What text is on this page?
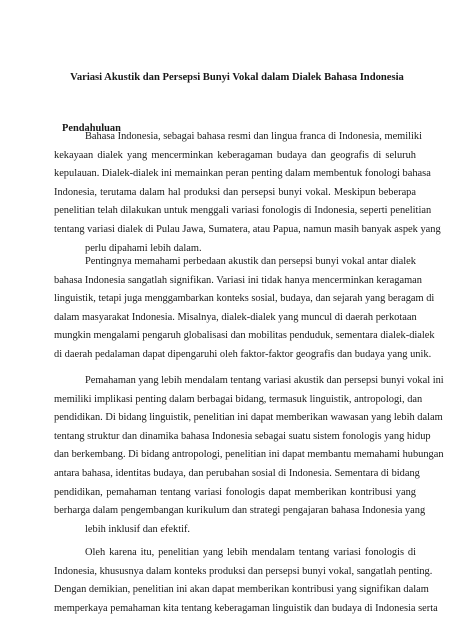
Variasi Akustik dan Persepsi Bunyi Vokal dalam Dialek Bahasa Indonesia
Pendahuluan
Bahasa Indonesia, sebagai bahasa resmi dan lingua franca di Indonesia, memiliki
kekayaan dialek yang mencerminkan keberagaman budaya dan geografis di seluruh
kepulauan. Dialek-dialek ini memainkan peran penting dalam membentuk fonologi bahasa
Indonesia, terutama dalam hal produksi dan persepsi bunyi vokal. Meskipun beberapa
penelitian telah dilakukan untuk menggali variasi fonologis di Indonesia, seperti penelitian
tentang variasi dialek di Pulau Jawa, Sumatera, atau Papua, namun masih banyak aspek yang
perlu dipahami lebih dalam.
Pentingnya memahami perbedaan akustik dan persepsi bunyi vokal antar dialek
bahasa Indonesia sangatlah signifikan. Variasi ini tidak hanya mencerminkan keragaman
linguistik, tetapi juga menggambarkan konteks sosial, budaya, dan sejarah yang beragam di
dalam masyarakat Indonesia. Misalnya, dialek-dialek yang muncul di daerah perkotaan
mungkin mengalami pengaruh globalisasi dan mobilitas penduduk, sementara dialek-dialek
di daerah pedalaman dapat dipengaruhi oleh faktor-faktor geografis dan budaya yang unik.
Pemahaman yang lebih mendalam tentang variasi akustik dan persepsi bunyi vokal ini
memiliki implikasi penting dalam berbagai bidang, termasuk linguistik, antropologi, dan
pendidikan. Di bidang linguistik, penelitian ini dapat memberikan wawasan yang lebih dalam
tentang struktur dan dinamika bahasa Indonesia sebagai suatu sistem fonologis yang hidup
dan berkembang. Di bidang antropologi, penelitian ini dapat membantu memahami hubungan
antara bahasa, identitas budaya, dan perubahan sosial di Indonesia. Sementara di bidang
pendidikan, pemahaman tentang variasi fonologis dapat memberikan kontribusi yang
berharga dalam pengembangan kurikulum dan strategi pengajaran bahasa Indonesia yang
lebih inklusif dan efektif.
Oleh karena itu, penelitian yang lebih mendalam tentang variasi fonologis di
Indonesia, khususnya dalam konteks produksi dan persepsi bunyi vokal, sangatlah penting.
Dengan demikian, penelitian ini akan dapat memberikan kontribusi yang signifikan dalam
memperkaya pemahaman kita tentang keberagaman linguistik dan budaya di Indonesia serta
